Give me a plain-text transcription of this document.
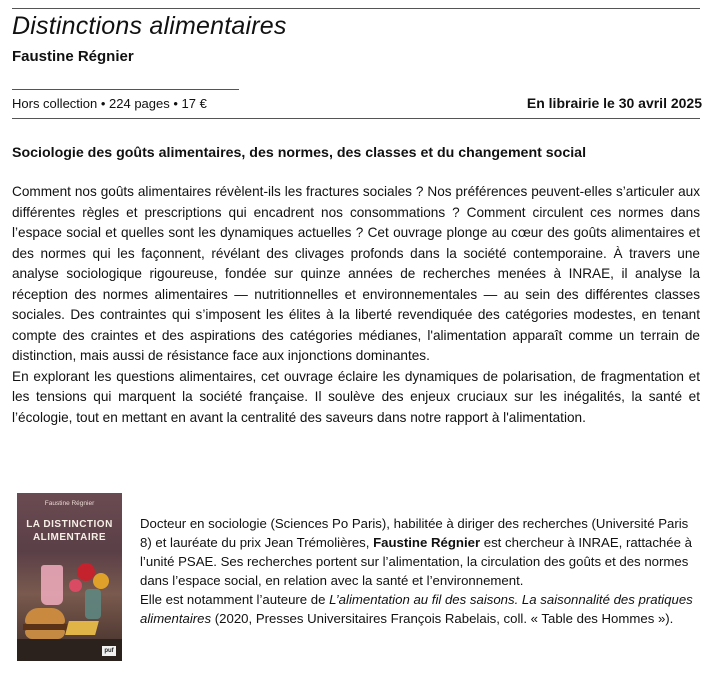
Distinctions alimentaires
Faustine Régnier
Hors collection • 224 pages • 17 €	En librairie le 30 avril 2025
Sociologie des goûts alimentaires, des normes, des classes et du changement social

Comment nos goûts alimentaires révèlent-ils les fractures sociales ? Nos préférences peuvent-elles s’articuler aux différentes règles et prescriptions qui encadrent nos consommations ? Comment circulent ces normes dans l’espace social et quelles sont les dynamiques actuelles ? Cet ouvrage plonge au cœur des goûts alimentaires et des normes qui les façonnent, révélant des clivages profonds dans la société contemporaine. À travers une analyse sociologique rigoureuse, fondée sur quinze années de recherches menées à INRAE, il analyse la réception des normes alimentaires — nutritionnelles et environnementales — au sein des différentes classes sociales. Des contraintes qui s’imposent les élites à la liberté revendiquée des catégories modestes, en tenant compte des craintes et des aspirations des catégories médianes, l'alimentation apparaît comme un terrain de distinction, mais aussi de résistance face aux injonctions dominantes.

En explorant les questions alimentaires, cet ouvrage éclaire les dynamiques de polarisation, de fragmentation et les tensions qui marquent la société française. Il soulève des enjeux cruciaux sur les inégalités, la santé et l’écologie, tout en mettant en avant la centralité des saveurs dans notre rapport à l'alimentation.

Faustine Régnier
LA DISTINCTION
ALIMENTAIRE
puf

Docteur en sociologie (Sciences Po Paris), habilitée à diriger des recherches (Université Paris 8) et lauréate du prix Jean Trémolières, Faustine Régnier est chercheur à INRAE, rattachée à l’unité PSAE. Ses recherches portent sur l’alimentation, la circulation des goûts et des normes dans l’espace social, en relation avec la santé et l’environnement.

Elle est notamment l’auteure de L’alimentation au fil des saisons. La saisonnalité des pratiques alimentaires (2020, Presses Universitaires François Rabelais, coll. « Table des Hommes »).
